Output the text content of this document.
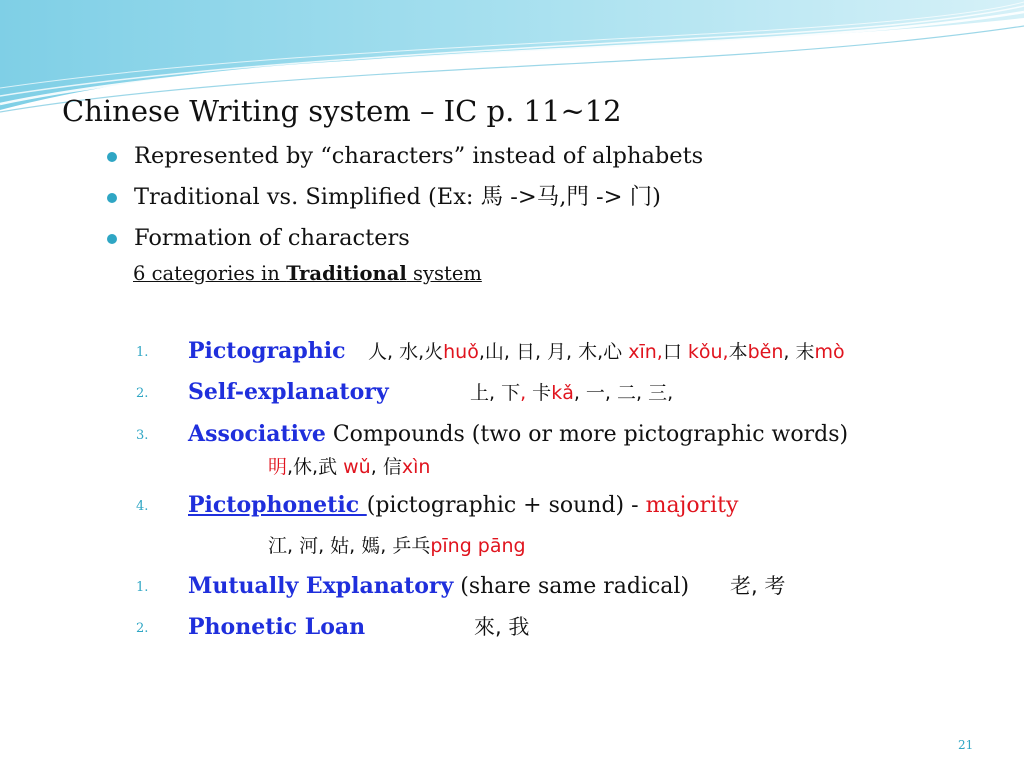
Chinese Writing system – IC p. 11~12
Represented by “characters” instead of alphabets
Traditional vs. Simplified (Ex: 馬 ->马,門 -> 门)
Formation of characters
6 categories in Traditional system
1. Pictographic 人, 水,火huǒ,山, 日, 月, 木,心 xīn,口 kǒu,本běn, 末mò
2. Self-explanatory	上, 下, 卡kǎ, 一, 二, 三,
3. Associative Compounds (two or more pictographic words)
明,休,武 wǔ, 信xìn
4. Pictophonetic (pictographic + sound) - majority
江, 河, 姑, 媽, 乒乓pīng pāng
1. Mutually Explanatory (share same radical) 老, 考
2. Phonetic Loan	來, 我
21
